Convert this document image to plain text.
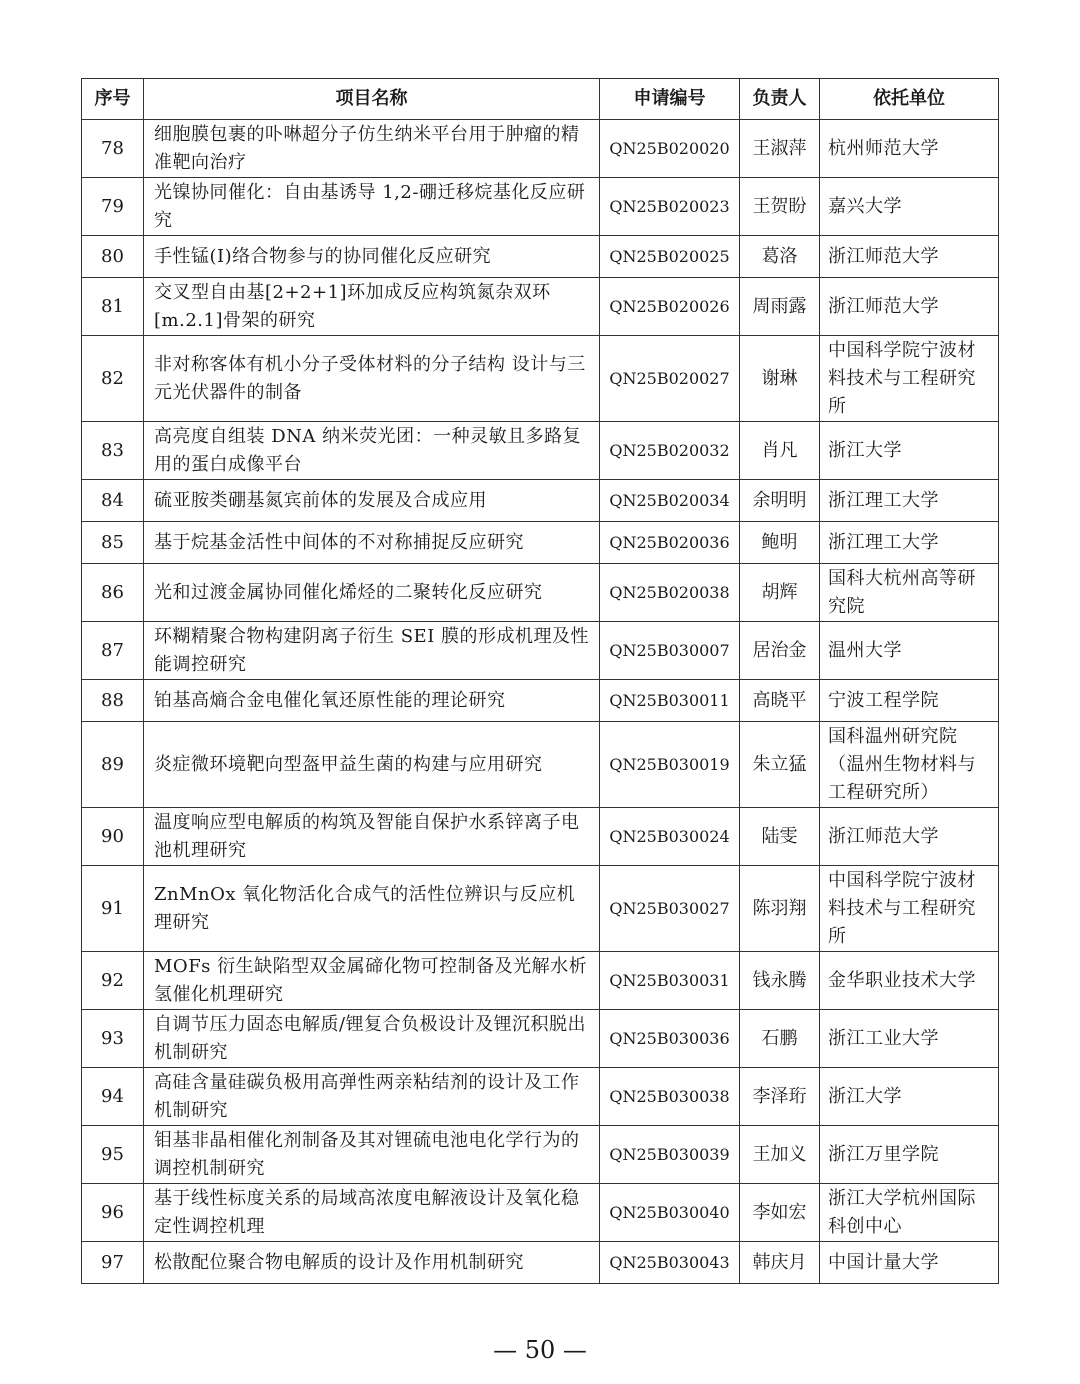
序号	项目名称	申请编号	负责人	依托单位
78	细胞膜包裹的卟啉超分子仿生纳米平台用于肿瘤的精准靶向治疗	QN25B020020	王淑萍	杭州师范大学
79	光镍协同催化：自由基诱导 1,2-硼迁移烷基化反应研究	QN25B020023	王贺盼	嘉兴大学
80	手性锰(I)络合物参与的协同催化反应研究	QN25B020025	葛洛	浙江师范大学
81	交叉型自由基[2+2+1]环加成反应构筑氮杂双环[m.2.1]骨架的研究	QN25B020026	周雨露	浙江师范大学
82	非对称客体有机小分子受体材料的分子结构 设计与三元光伏器件的制备	QN25B020027	谢琳	中国科学院宁波材料技术与工程研究所
83	高亮度自组装 DNA 纳米荧光团：一种灵敏且多路复用的蛋白成像平台	QN25B020032	肖凡	浙江大学
84	硫亚胺类硼基氮宾前体的发展及合成应用	QN25B020034	余明明	浙江理工大学
85	基于烷基金活性中间体的不对称捕捉反应研究	QN25B020036	鲍明	浙江理工大学
86	光和过渡金属协同催化烯烃的二聚转化反应研究	QN25B020038	胡辉	国科大杭州高等研究院
87	环糊精聚合物构建阴离子衍生 SEI 膜的形成机理及性能调控研究	QN25B030007	居治金	温州大学
88	铂基高熵合金电催化氧还原性能的理论研究	QN25B030011	高晓平	宁波工程学院
89	炎症微环境靶向型盔甲益生菌的构建与应用研究	QN25B030019	朱立猛	国科温州研究院（温州生物材料与工程研究所）
90	温度响应型电解质的构筑及智能自保护水系锌离子电池机理研究	QN25B030024	陆雯	浙江师范大学
91	ZnMnOx 氧化物活化合成气的活性位辨识与反应机理研究	QN25B030027	陈羽翔	中国科学院宁波材料技术与工程研究所
92	MOFs 衍生缺陷型双金属碲化物可控制备及光解水析氢催化机理研究	QN25B030031	钱永腾	金华职业技术大学
93	自调节压力固态电解质/锂复合负极设计及锂沉积脱出机制研究	QN25B030036	石鹏	浙江工业大学
94	高硅含量硅碳负极用高弹性两亲粘结剂的设计及工作机制研究	QN25B030038	李泽珩	浙江大学
95	钼基非晶相催化剂制备及其对锂硫电池电化学行为的调控机制研究	QN25B030039	王加义	浙江万里学院
96	基于线性标度关系的局域高浓度电解液设计及氧化稳定性调控机理	QN25B030040	李如宏	浙江大学杭州国际科创中心
97	松散配位聚合物电解质的设计及作用机制研究	QN25B030043	韩庆月	中国计量大学
— 50 —
